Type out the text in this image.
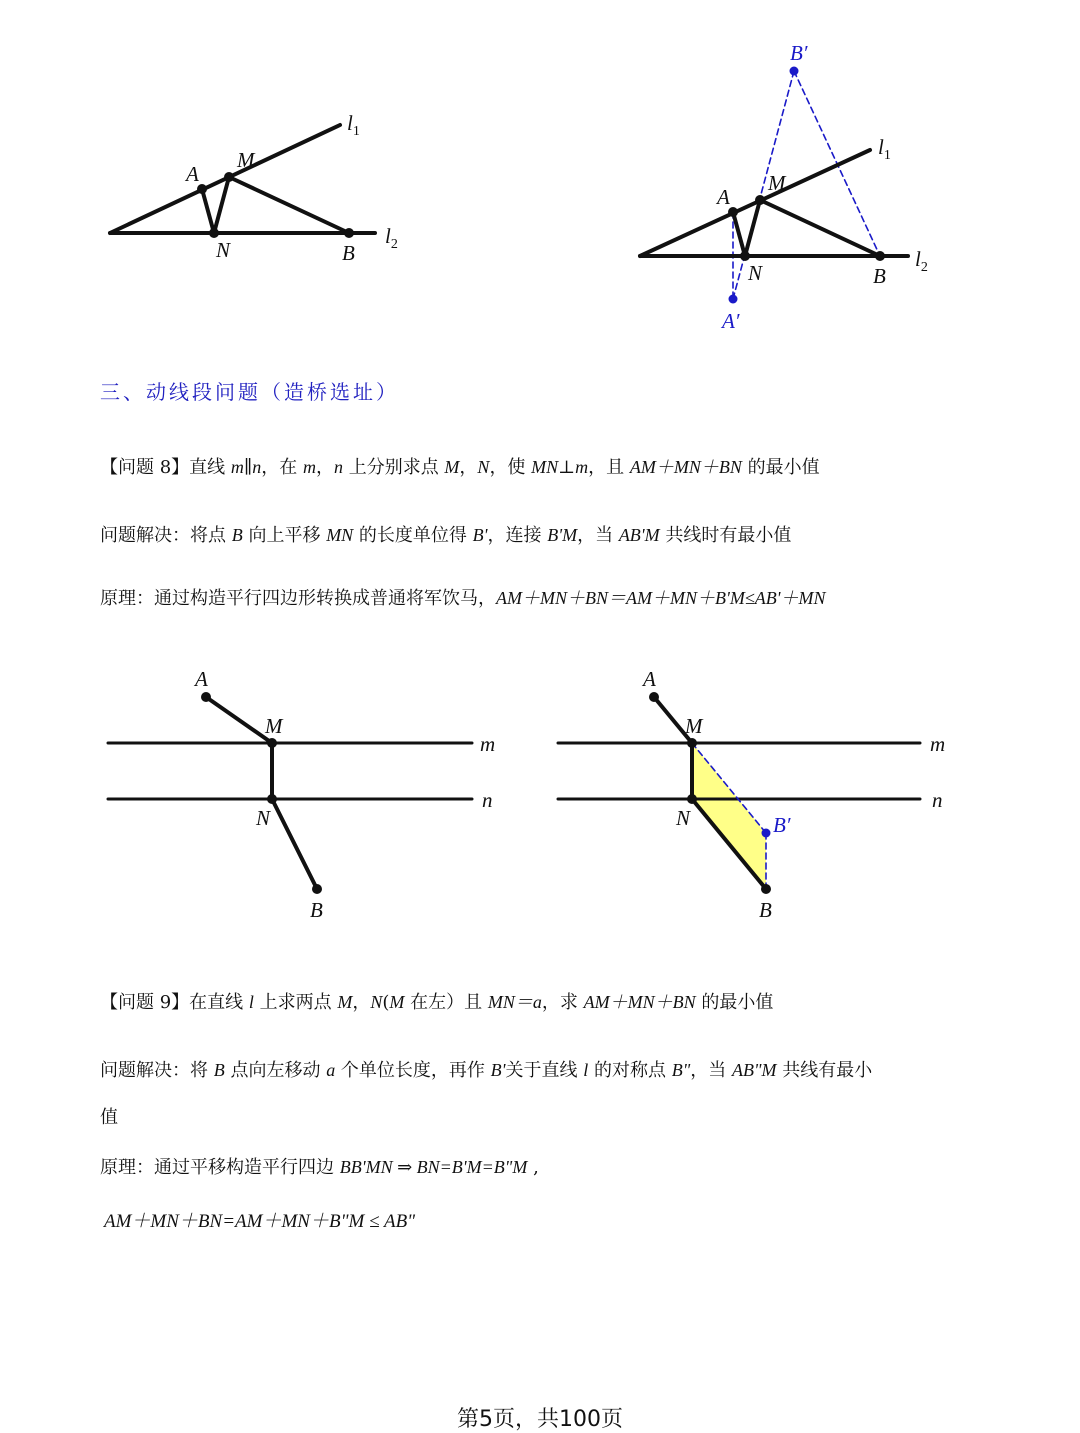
$l_1$
$l_2$
A
M
N	B
B′
$l_1$
$l_2$
A
M
N	B
A′
三、动线段问题（造桥选址）
【问题 8】直线 m∥n，在 m，n 上分别求点 M，N，使 MN⊥m，且 AM＋MN＋BN 的最小值
问题解决：将点 B 向上平移 MN 的长度单位得 B'，连接 B'M，当 AB'M 共线时有最小值
原理：通过构造平行四边形转换成普通将军饮马，AM＋MN＋BN＝AM＋MN＋B'M≤AB'＋MN
A
M
m
n
N
B
A
M
m
n
N	B′
B
【问题 9】在直线 l 上求两点 M，N(M 在左）且 MN＝a，求 AM＋MN＋BN 的最小值
问题解决：将 B 点向左移动 a 个单位长度，再作 B'关于直线 l 的对称点 B"，当 AB"M 共线有最小
值
原理：通过平移构造平行四边 BB'MN ⇒ BN=B'M=B"M ,
AM＋MN＋BN=AM＋MN＋B"M ≤ AB"
第5页，共100页
